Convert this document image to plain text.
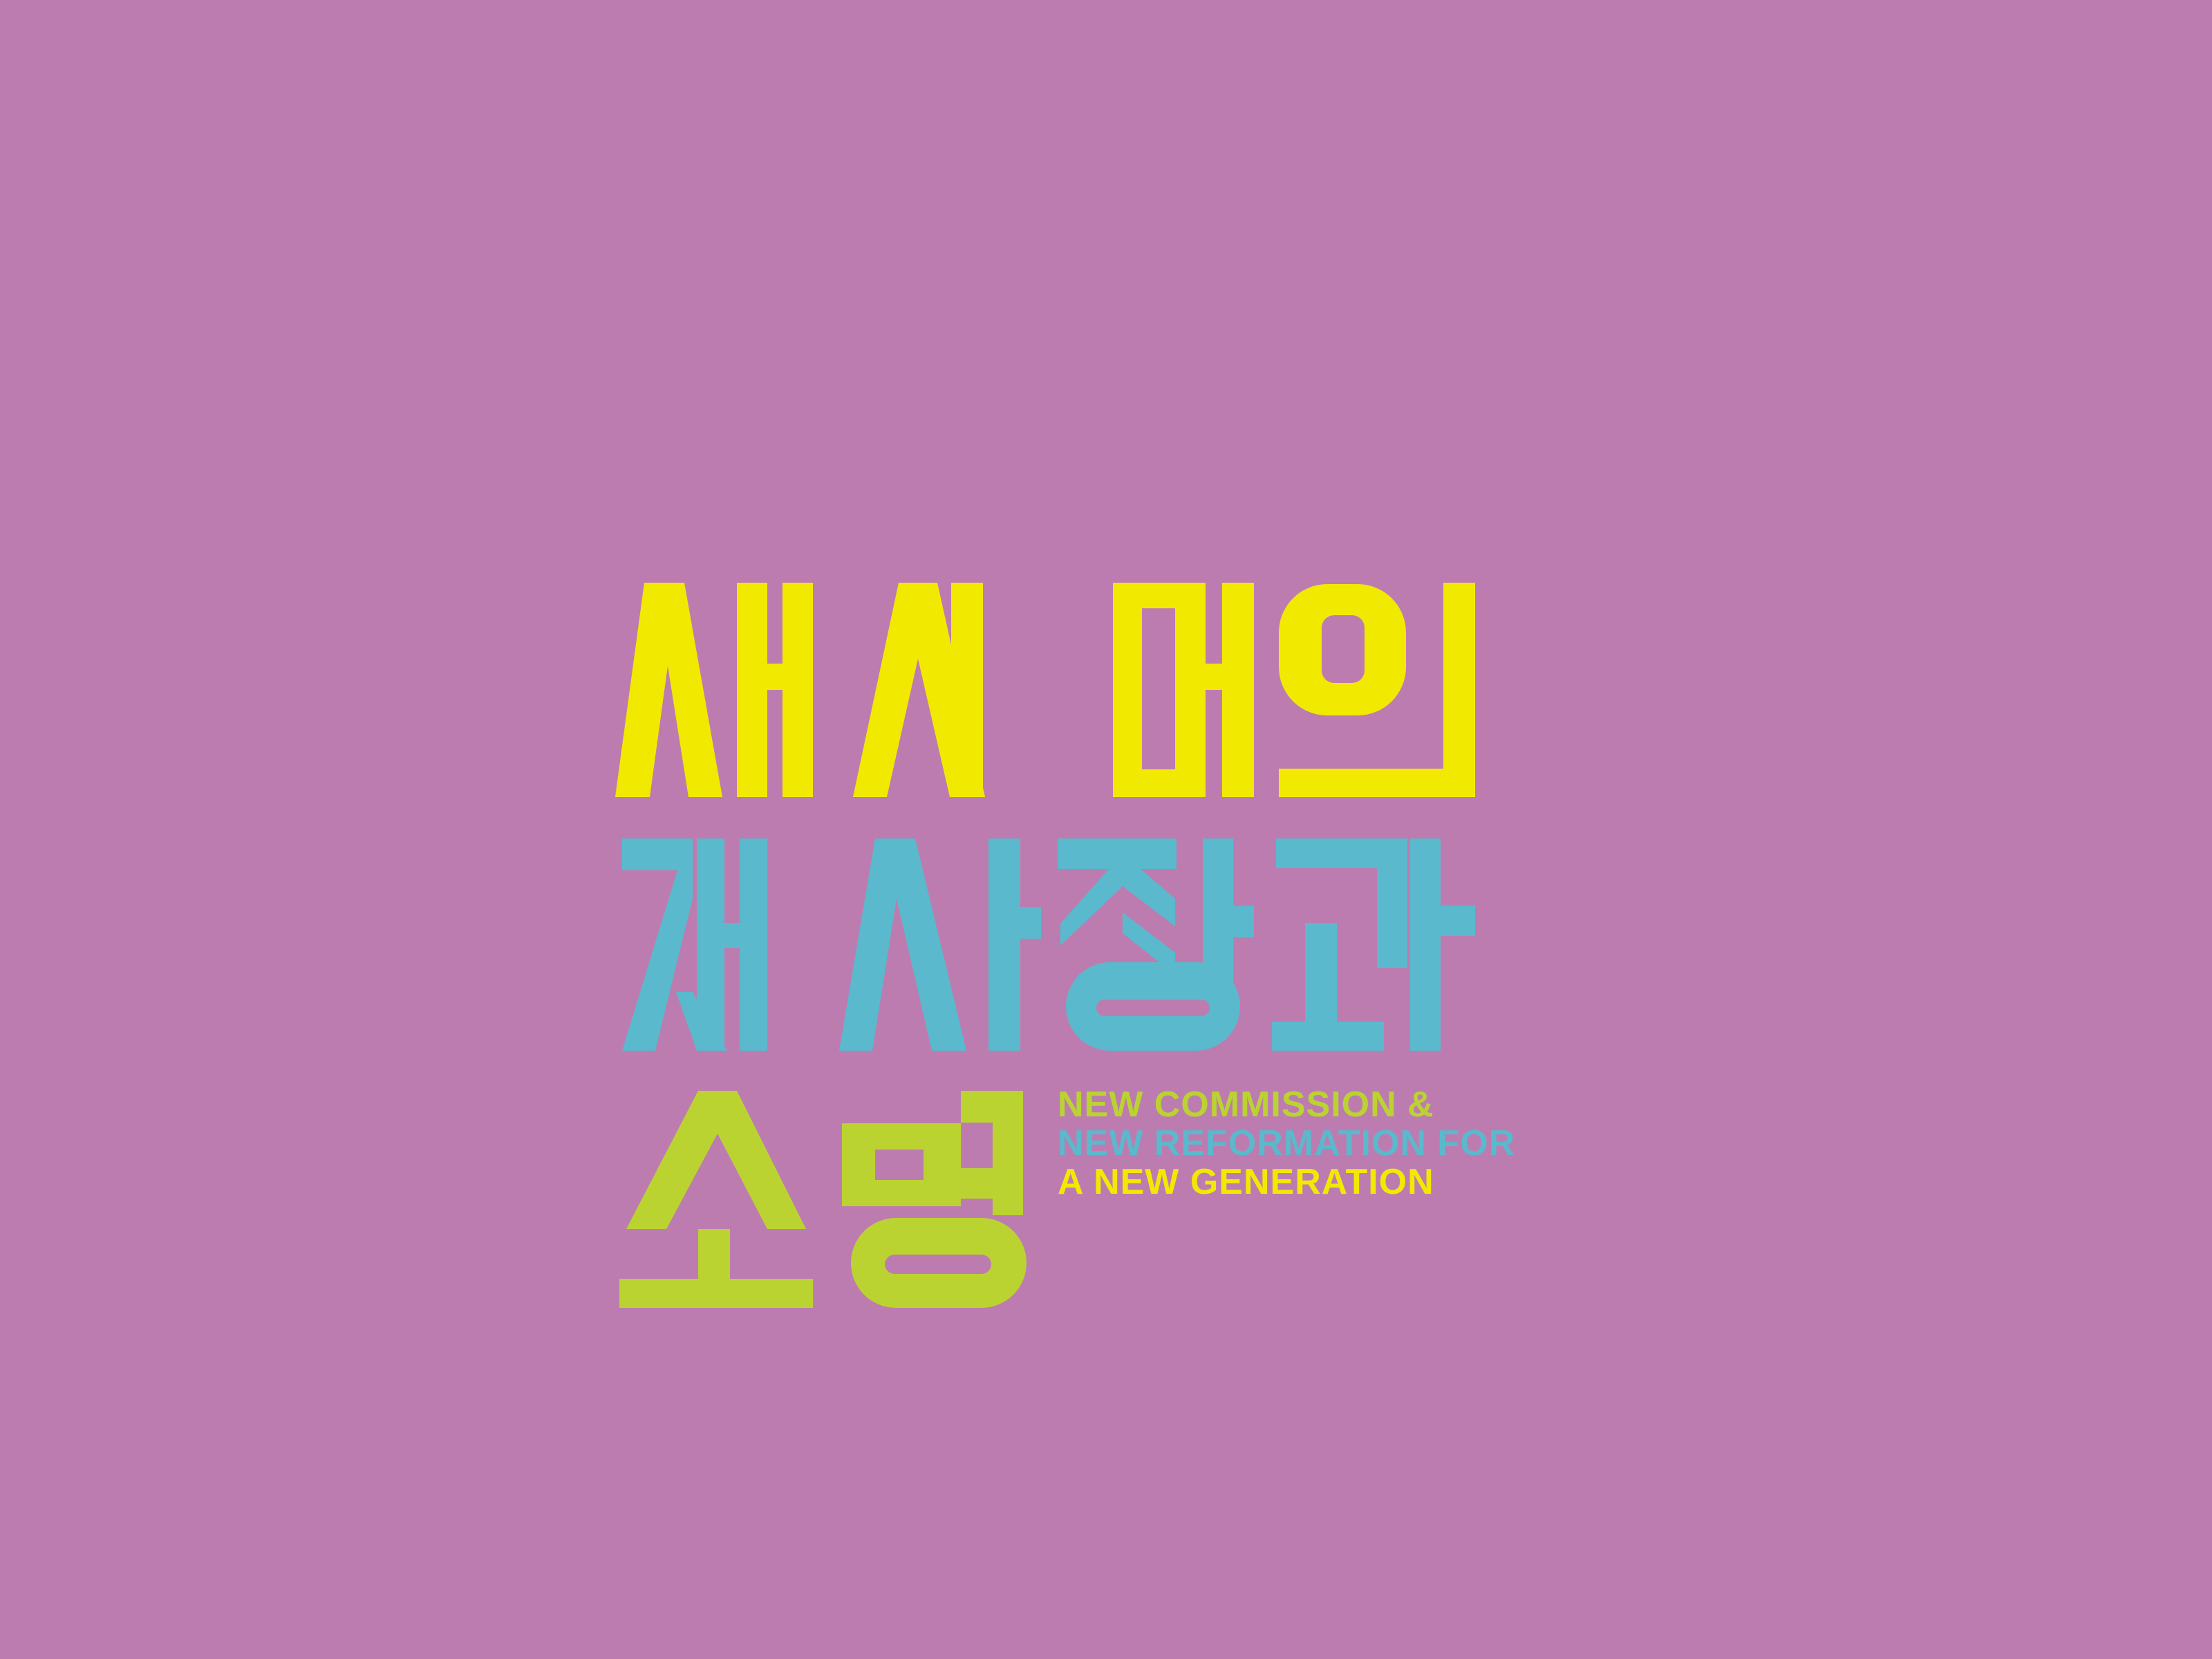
NEW COMMISSION &
NEW REFORMATION FOR
A NEW GENERATION
